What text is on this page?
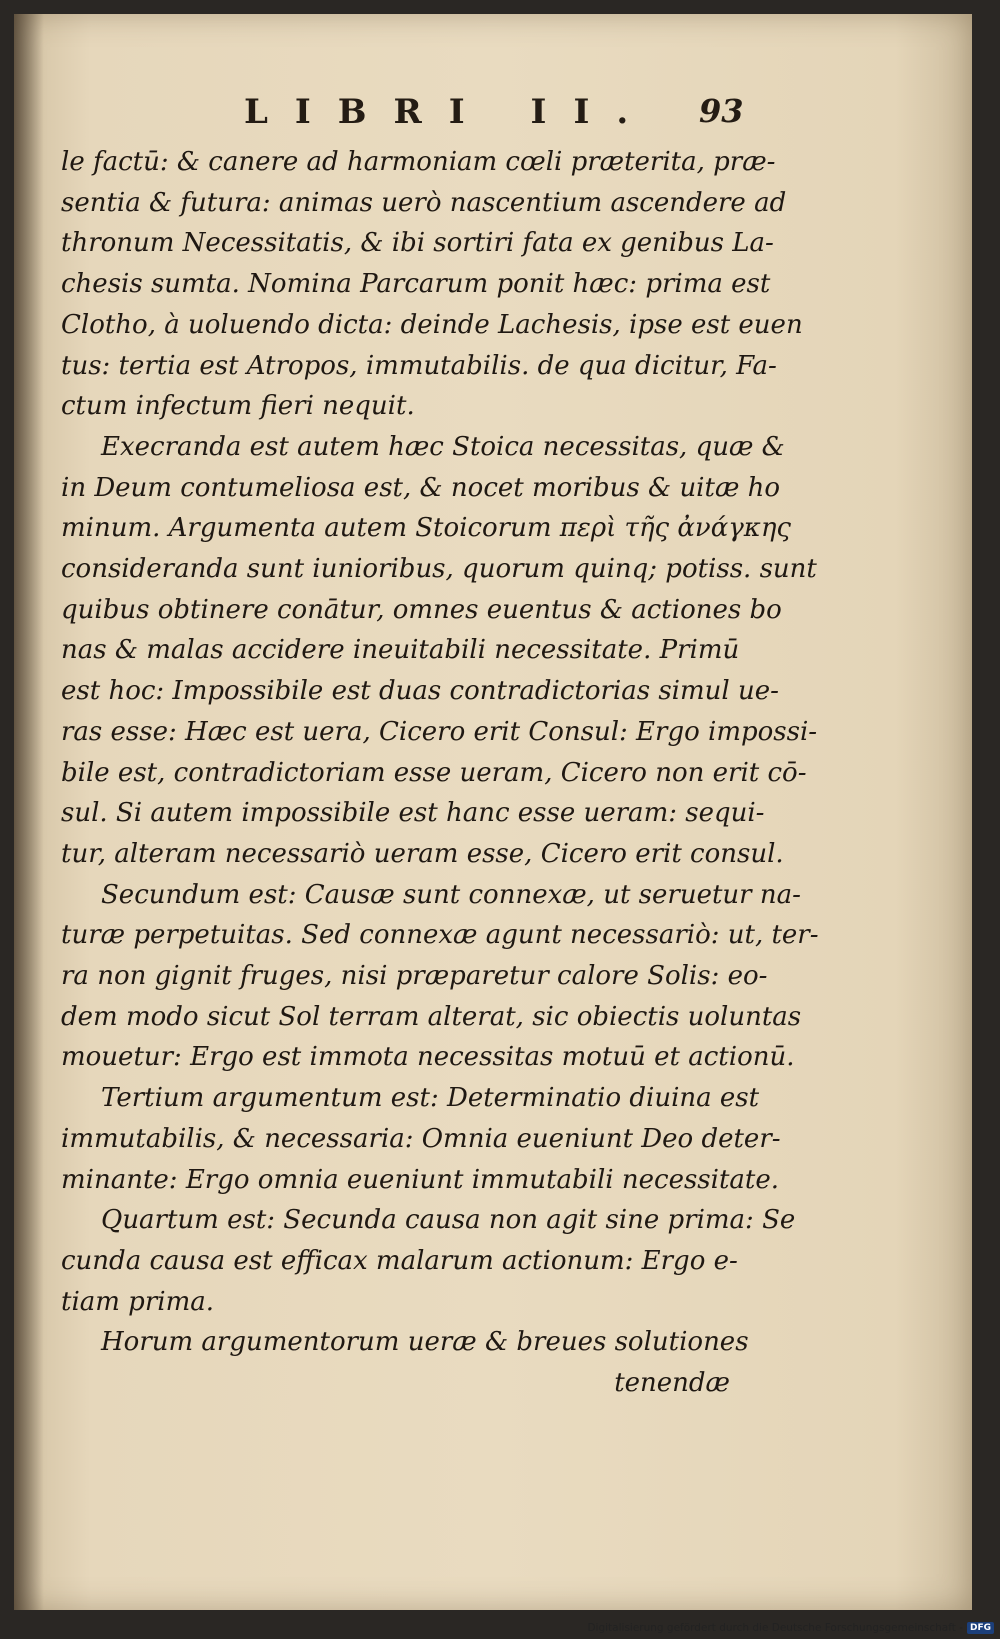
LIBRI II. 93
le factū: & canere ad harmoniam cœli præterita, præ-
sentia & futura: animas uerò nascentium ascendere ad
thronum Necessitatis, & ibi sortiri fata ex genibus La-
chesis sumta. Nomina Parcarum ponit hæc: prima est
Clotho, à uoluendo dicta: deinde Lachesis, ipse est euen
tus: tertia est Atropos, immutabilis. de qua dicitur, Fa-
ctum infectum fieri nequit.
Execranda est autem hæc Stoica necessitas, quæ &
in Deum contumeliosa est, & nocet moribus & uitæ ho
minum. Argumenta autem Stoicorum περὶ τῆς ἀνάγκης
consideranda sunt iunioribus, quorum quinq; potiss. sunt
quibus obtinere conātur, omnes euentus & actiones bo
nas & malas accidere ineuitabili necessitate. Primū
est hoc: Impossibile est duas contradictorias simul ue-
ras esse: Hæc est uera, Cicero erit Consul: Ergo impossi-
bile est, contradictoriam esse ueram, Cicero non erit cō-
sul. Si autem impossibile est hanc esse ueram: sequi-
tur, alteram necessariò ueram esse, Cicero erit consul.
Secundum est: Causæ sunt connexæ, ut seruetur na-
turæ perpetuitas. Sed connexæ agunt necessariò: ut, ter-
ra non gignit fruges, nisi præparetur calore Solis: eo-
dem modo sicut Sol terram alterat, sic obiectis uoluntas
mouetur: Ergo est immota necessitas motuū et actionū.
Tertium argumentum est: Determinatio diuina est
immutabilis, & necessaria: Omnia eueniunt Deo deter-
minante: Ergo omnia eueniunt immutabili necessitate.
Quartum est: Secunda causa non agit sine prima: Se
cunda causa est efficax malarum actionum: Ergo e-
tiam prima.
Horum argumentorum ueræ & breues solutiones
tenendæ
Digitalisierung gefördert durch die Deutsche Forschungsgemeinschaft - DFG
